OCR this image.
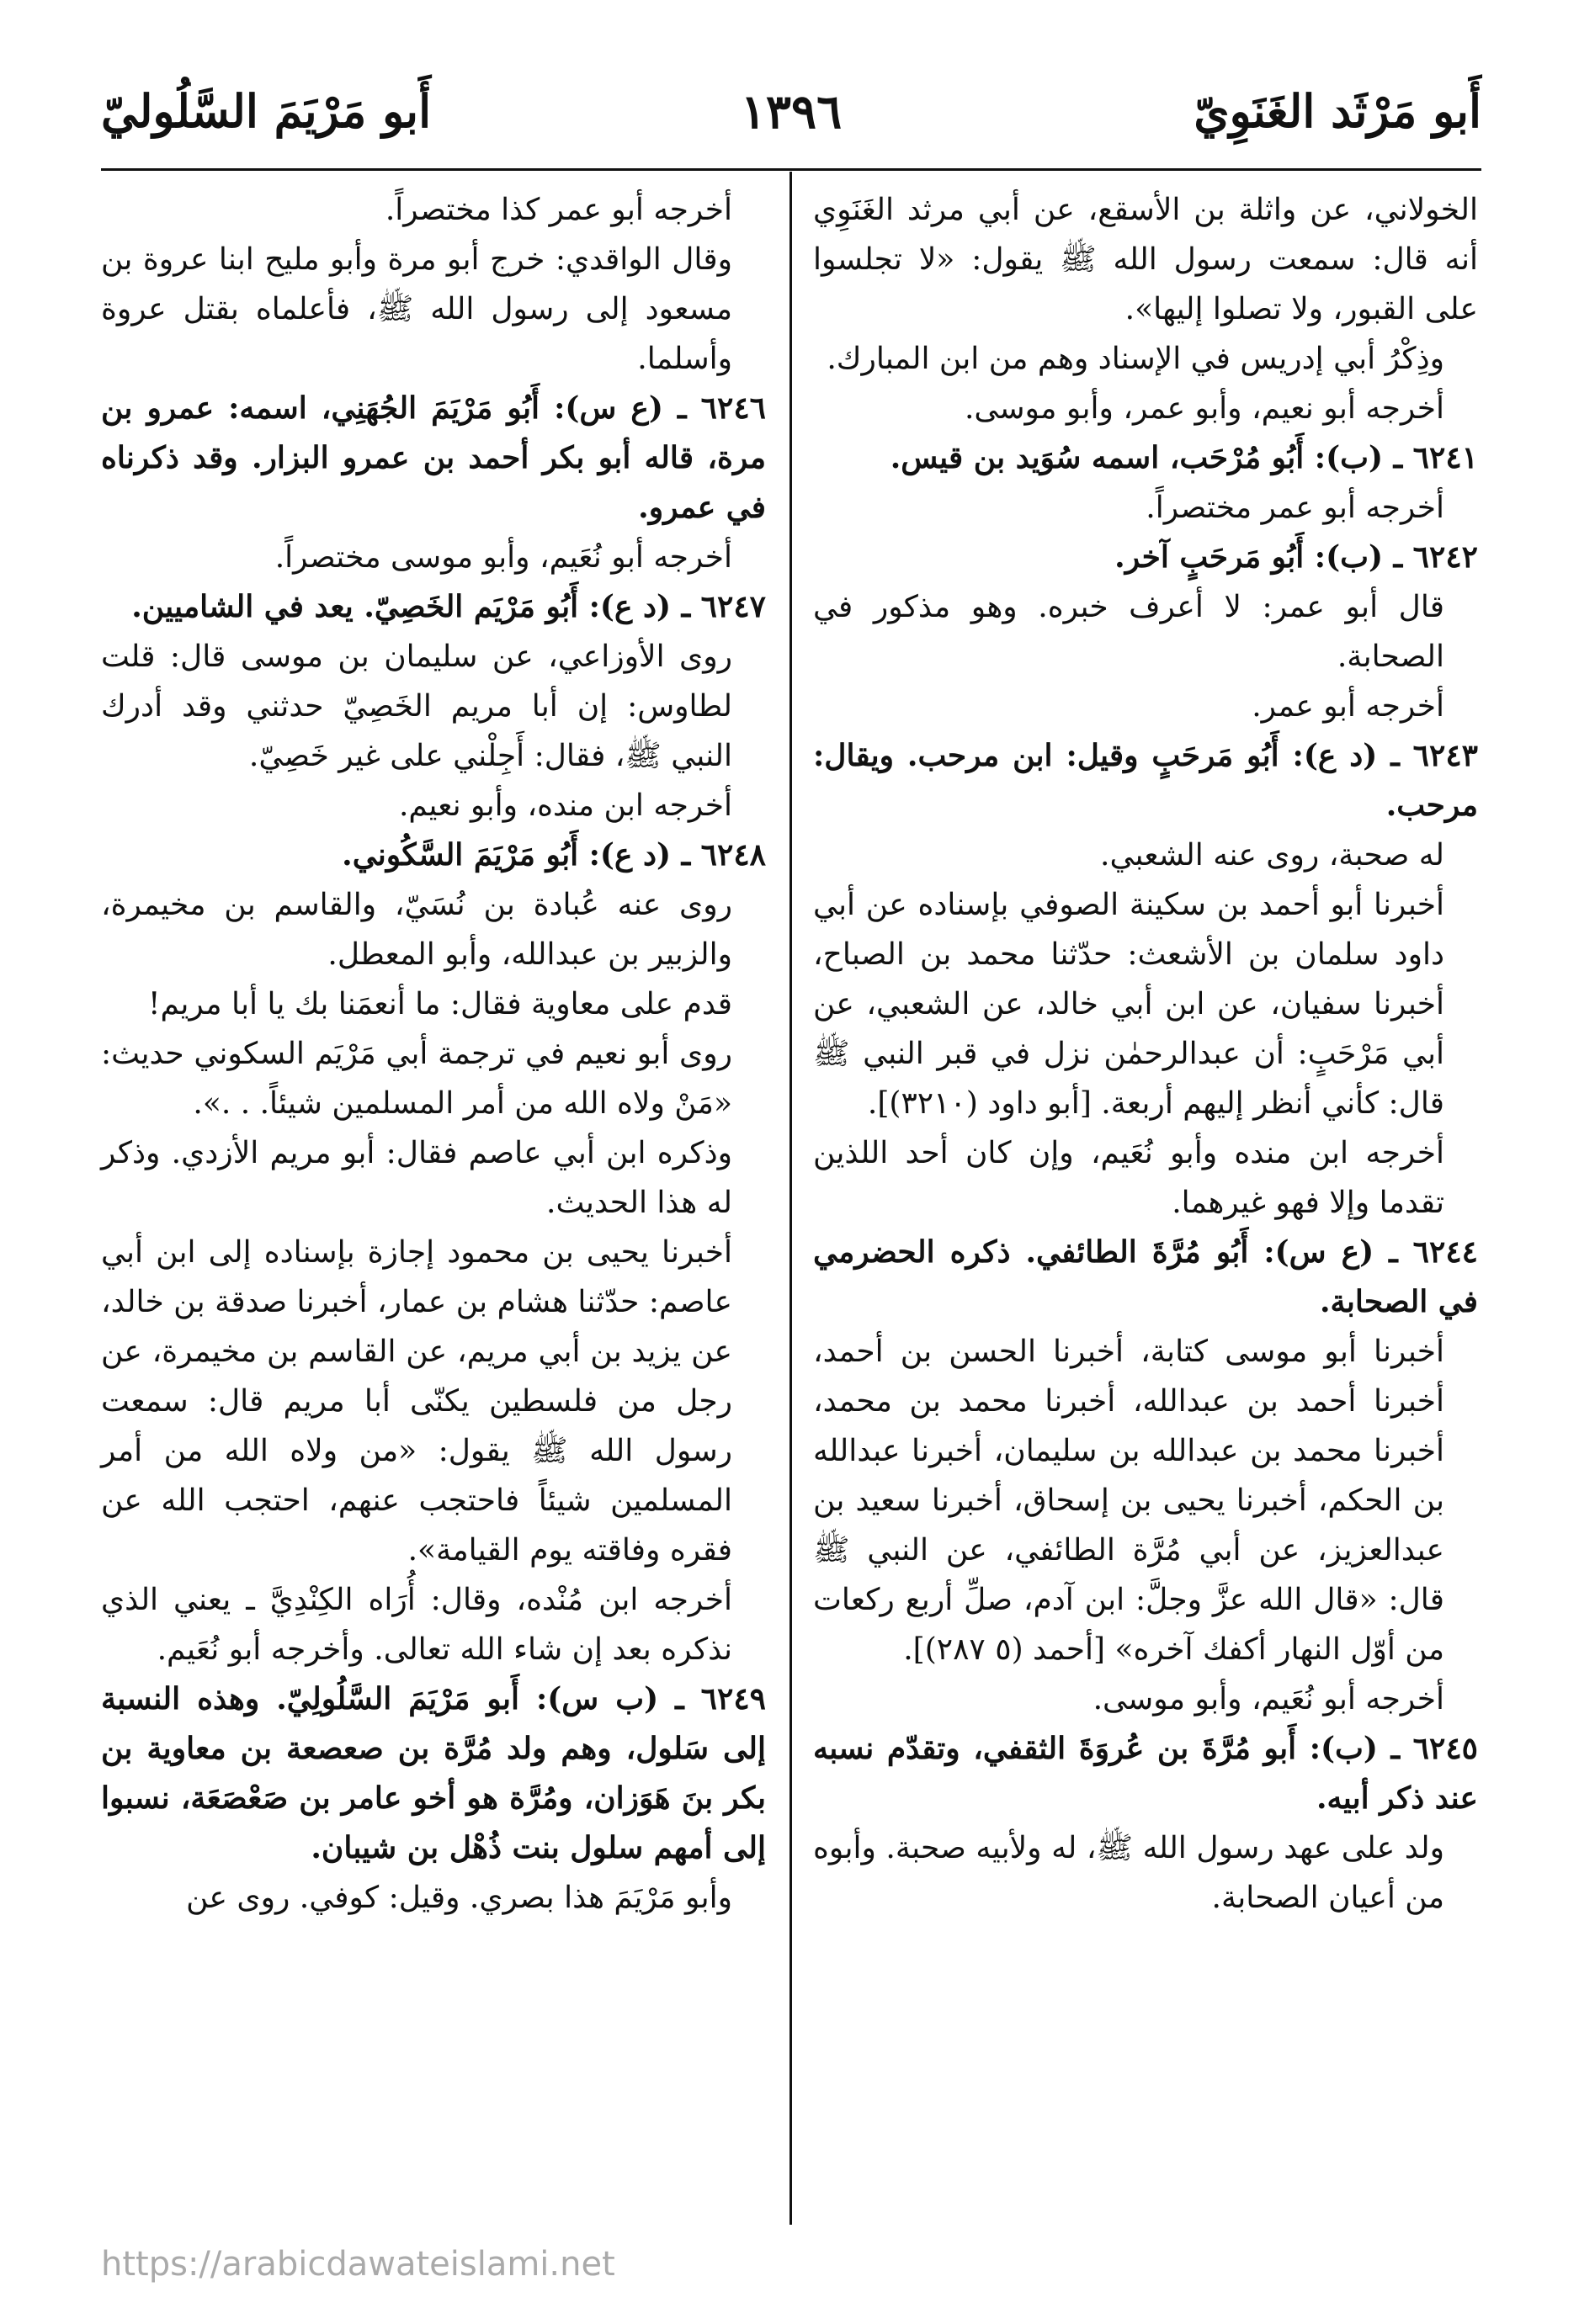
أَبو مَرْثَد الغَنَوِيّ
١٣٩٦
أَبو مَرْيَمَ السَّلُوليّ

الخولاني، عن واثلة بن الأسقع، عن أبي مرثد الغَنَوِي أنه قال: سمعت رسول الله ﷺ يقول: «لا تجلسوا على القبور، ولا تصلوا إليها».

وذِكْرُ أبي إدريس في الإسناد وهم من ابن المبارك.

أخرجه أبو نعيم، وأبو عمر، وأبو موسى.

٦٢٤١ ـ (ب): أَبُو مُرْحَب، اسمه سُوَيد بن قيس.

أخرجه أبو عمر مختصراً.

٦٢٤٢ ـ (ب): أَبُو مَرحَبٍ آخر.

قال أبو عمر: لا أعرف خبره. وهو مذكور في الصحابة.

أخرجه أبو عمر.

٦٢٤٣ ـ (د ع): أَبُو مَرحَبٍ وقيل: ابن مرحب. ويقال: مرحب.

له صحبة، روى عنه الشعبي.

أخبرنا أبو أحمد بن سكينة الصوفي بإسناده عن أبي داود سلمان بن الأشعث: حدّثنا محمد بن الصباح، أخبرنا سفيان، عن ابن أبي خالد، عن الشعبي، عن أبي مَرْحَبٍ: أن عبدالرحمٰن نزل في قبر النبي ﷺ قال: كأني أنظر إليهم أربعة. [أبو داود (٣٢١٠)].

أخرجه ابن منده وأبو نُعَيم، وإن كان أحد اللذين تقدما وإلا فهو غيرهما.

٦٢٤٤ ـ (ع س): أَبُو مُرَّةَ الطائفي. ذكره الحضرمي في الصحابة.

أخبرنا أبو موسى كتابة، أخبرنا الحسن بن أحمد، أخبرنا أحمد بن عبدالله، أخبرنا محمد بن محمد، أخبرنا محمد بن عبدالله بن سليمان، أخبرنا عبدالله بن الحكم، أخبرنا يحيى بن إسحاق، أخبرنا سعيد بن عبدالعزيز، عن أبي مُرَّة الطائفي، عن النبي ﷺ قال: «قال الله عزَّ وجلَّ: ابن آدم، صلِّ أربع ركعات من أوّل النهار أكفك آخره» [أحمد (٥ ٢٨٧)].

أخرجه أبو نُعَيم، وأبو موسى.

٦٢٤٥ ـ (ب): أَبو مُرَّةَ بن عُروَةَ الثقفي، وتقدّم نسبه عند ذكر أبيه.

ولد على عهد رسول الله ﷺ، له ولأبيه صحبة. وأبوه من أعيان الصحابة.

أخرجه أبو عمر كذا مختصراً.

وقال الواقدي: خرج أبو مرة وأبو مليح ابنا عروة بن مسعود إلى رسول الله ﷺ، فأعلماه بقتل عروة وأسلما.

٦٢٤٦ ـ (ع س): أَبُو مَرْيَمَ الجُهَنِي، اسمه: عمرو بن مرة، قاله أبو بكر أحمد بن عمرو البزار. وقد ذكرناه في عمرو.

أخرجه أبو نُعَيم، وأبو موسى مختصراً.

٦٢٤٧ ـ (د ع): أَبُو مَرْيَم الخَصِيّ. يعد في الشاميين.

روى الأوزاعي، عن سليمان بن موسى قال: قلت لطاوس: إن أبا مريم الخَصِيّ حدثني وقد أدرك النبي ﷺ، فقال: أَجِلْني على غير خَصِيّ.

أخرجه ابن منده، وأبو نعيم.

٦٢٤٨ ـ (د ع): أَبُو مَرْيَمَ السَّكُوني.

روى عنه عُبادة بن نُسَيّ، والقاسم بن مخيمرة، والزبير بن عبدالله، وأبو المعطل.

قدم على معاوية فقال: ما أنعمَنا بك يا أبا مريم!

روى أبو نعيم في ترجمة أبي مَرْيَم السكوني حديث: «مَنْ ولاه الله من أمر المسلمين شيئاً. . .».

وذكره ابن أبي عاصم فقال: أبو مريم الأزدي. وذكر له هذا الحديث.

أخبرنا يحيى بن محمود إجازة بإسناده إلى ابن أبي عاصم: حدّثنا هشام بن عمار، أخبرنا صدقة بن خالد، عن يزيد بن أبي مريم، عن القاسم بن مخيمرة، عن رجل من فلسطين يكنّى أبا مريم قال: سمعت رسول الله ﷺ يقول: «من ولاه الله من أمر المسلمين شيئاً فاحتجب عنهم، احتجب الله عن فقره وفاقته يوم القيامة».

أخرجه ابن مُنْده، وقال: أُرَاه الكِنْدِيَّ ـ يعني الذي نذكره بعد إن شاء الله تعالى. وأخرجه أبو نُعَيم.

٦٢٤٩ ـ (ب س): أَبو مَرْيَمَ السَّلُولِيّ. وهذه النسبة إلى سَلول، وهم ولد مُرَّة بن صعصعة بن معاوية بن بكر بنَ هَوَزان، ومُرَّة هو أخو عامر بن صَعْصَعَة، نسبوا إلى أمهم سلول بنت ذُهْل بن شيبان.

وأبو مَرْيَمَ هذا بصري. وقيل: كوفي. روى عن

https://arabicdawateislami.net
